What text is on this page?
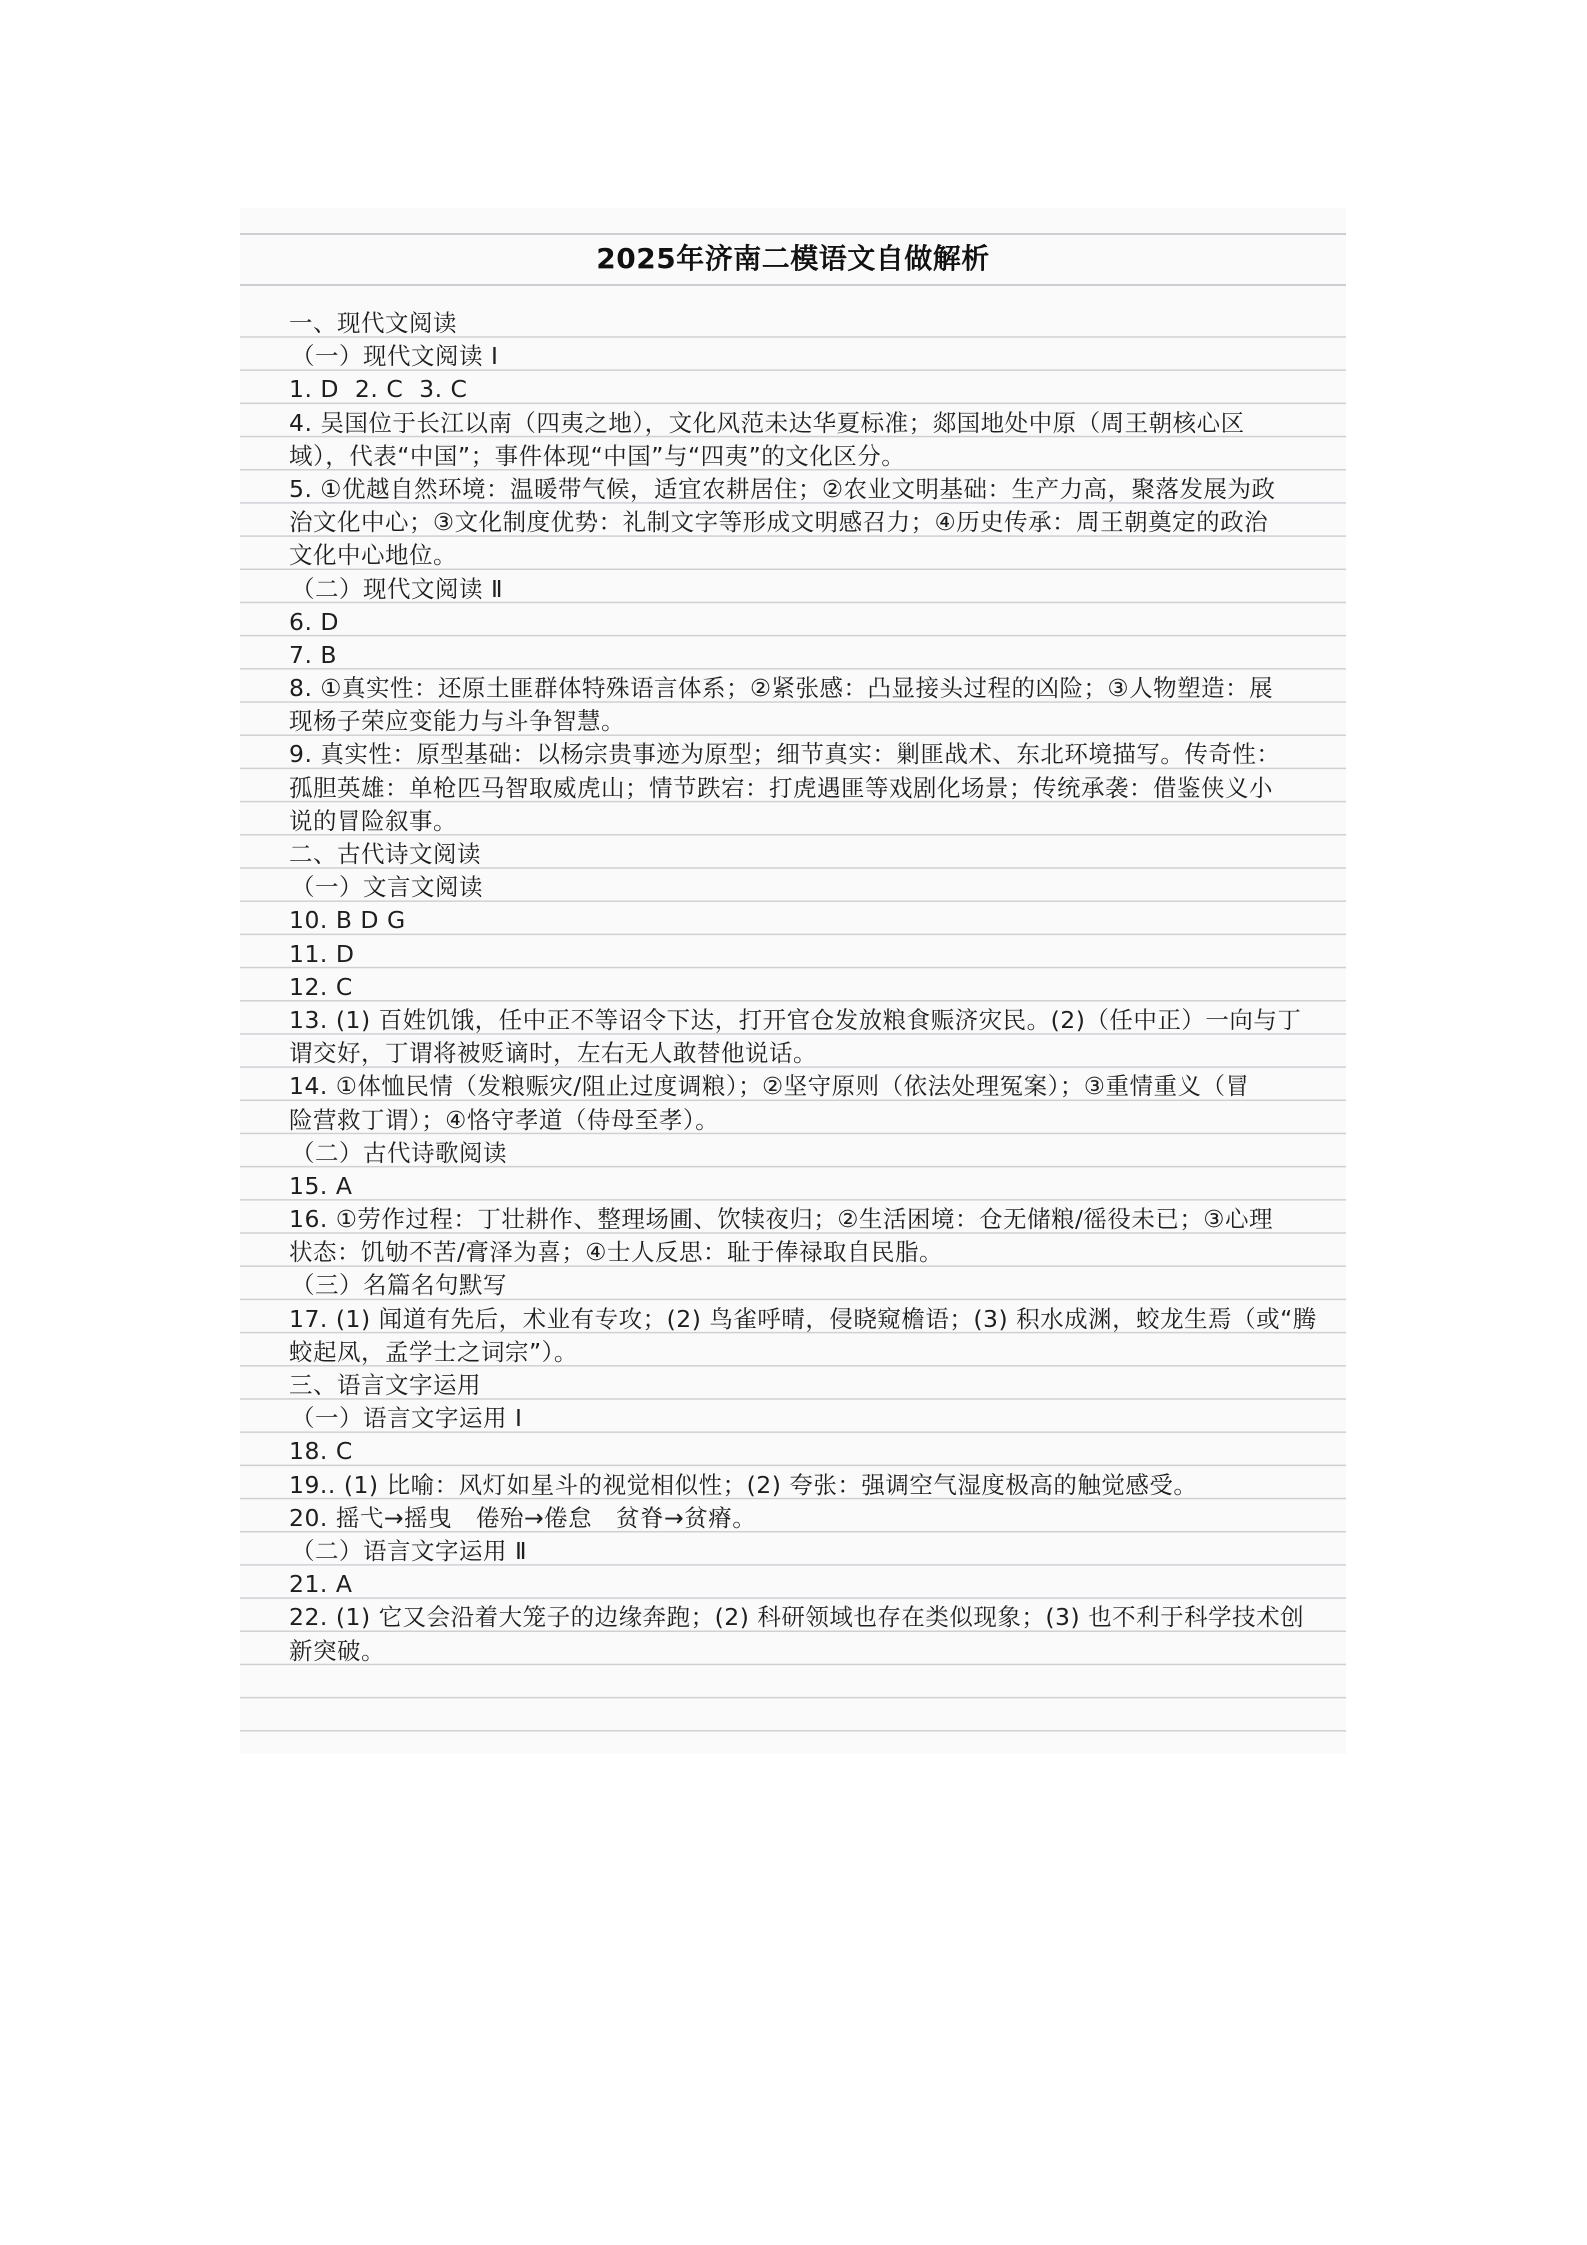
2025年济南二模语文自做解析
一、现代文阅读
（一）现代文阅读 Ⅰ
1. D  2. C  3. C
4. 吴国位于长江以南（四夷之地），文化风范未达华夏标准；郯国地处中原（周王朝核心区
域），代表“中国”；事件体现“中国”与“四夷”的文化区分。
5. ①优越自然环境：温暖带气候，适宜农耕居住；②农业文明基础：生产力高，聚落发展为政
治文化中心；③文化制度优势：礼制文字等形成文明感召力；④历史传承：周王朝奠定的政治
文化中心地位。
（二）现代文阅读 Ⅱ
6. D
7. B
8. ①真实性：还原土匪群体特殊语言体系；②紧张感：凸显接头过程的凶险；③人物塑造：展
现杨子荣应变能力与斗争智慧。
9. 真实性：原型基础：以杨宗贵事迹为原型；细节真实：剿匪战术、东北环境描写。传奇性：
孤胆英雄：单枪匹马智取威虎山；情节跌宕：打虎遇匪等戏剧化场景；传统承袭：借鉴侠义小
说的冒险叙事。
二、古代诗文阅读
（一）文言文阅读
10. B D G
11. D
12. C
13. (1) 百姓饥饿，任中正不等诏令下达，打开官仓发放粮食赈济灾民。(2)（任中正）一向与丁
谓交好，丁谓将被贬谪时，左右无人敢替他说话。
14. ①体恤民情（发粮赈灾/阻止过度调粮）；②坚守原则（依法处理冤案）；③重情重义（冒
险营救丁谓）；④恪守孝道（侍母至孝）。
（二）古代诗歌阅读
15. A
16. ①劳作过程：丁壮耕作、整理场圃、饮犊夜归；②生活困境：仓无储粮/徭役未已；③心理
状态：饥劬不苦/膏泽为喜；④士人反思：耻于俸禄取自民脂。
（三）名篇名句默写
17. (1) 闻道有先后，术业有专攻；(2) 鸟雀呼晴，侵晓窥檐语；(3) 积水成渊，蛟龙生焉（或“腾
蛟起凤，孟学士之词宗”）。
三、语言文字运用
（一）语言文字运用 Ⅰ
18. C
19.. (1) 比喻：风灯如星斗的视觉相似性；(2) 夸张：强调空气湿度极高的触觉感受。
20. 摇弋→摇曳   倦殆→倦怠   贫脊→贫瘠。
（二）语言文字运用 Ⅱ
21. A
22. (1) 它又会沿着大笼子的边缘奔跑；(2) 科研领域也存在类似现象；(3) 也不利于科学技术创
新突破。
